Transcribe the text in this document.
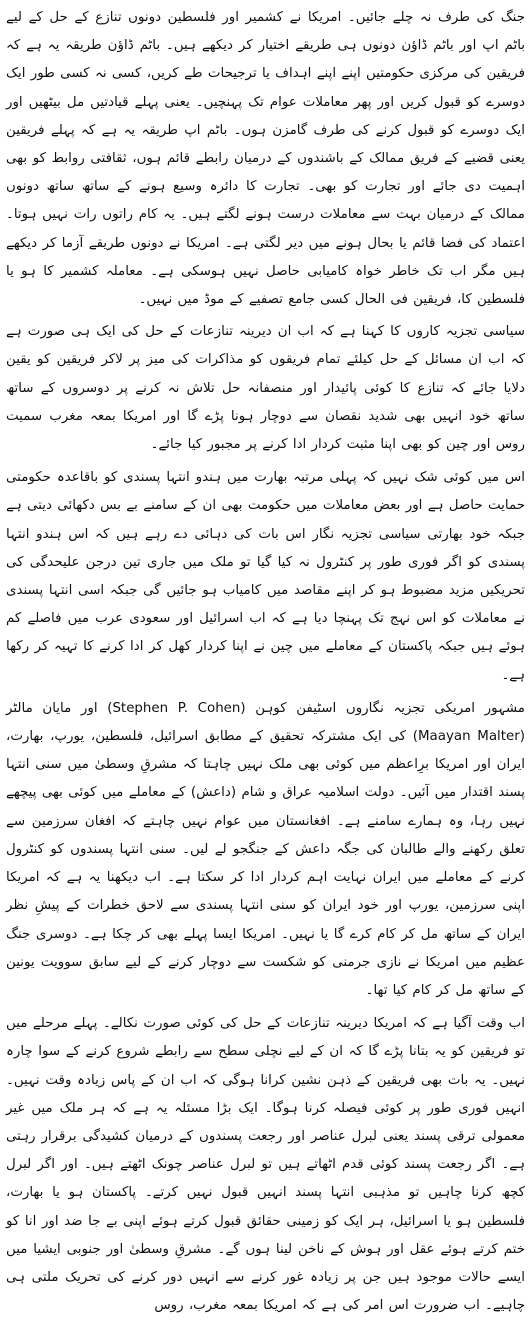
جنگ کی طرف نہ چلے جائیں۔ امریکا نے کشمیر اور فلسطین دونوں تنازع کے حل کے لیے باٹم اپ اور باٹم ڈاؤن دونوں ہی طریقے اختیار کر دیکھے ہیں۔ باٹم ڈاؤن طریقہ یہ ہے کہ فریقین کی مرکزی حکومتیں اپنے اپنے اہداف یا ترجیحات طے کریں، کسی نہ کسی طور ایک دوسرے کو قبول کریں اور پھر معاملات عوام تک پہنچیں۔ یعنی پہلے قیادتیں مل بیٹھیں اور ایک دوسرے کو قبول کرنے کی طرف گامزن ہوں۔ باٹم اپ طریقہ یہ ہے کہ پہلے فریقین یعنی قضیے کے فریق ممالک کے باشندوں کے درمیان رابطے قائم ہوں، ثقافتی روابط کو بھی اہمیت دی جائے اور تجارت کو بھی۔ تجارت کا دائرہ وسیع ہونے کے ساتھ ساتھ دونوں ممالک کے درمیان بہت سے معاملات درست ہونے لگتے ہیں۔ یہ کام راتوں رات نہیں ہوتا۔ اعتماد کی فضا قائم یا بحال ہونے میں دیر لگتی ہے۔ امریکا نے دونوں طریقے آزما کر دیکھے ہیں مگر اب تک خاطر خواہ کامیابی حاصل نہیں ہوسکی ہے۔ معاملہ کشمیر کا ہو یا فلسطین کا، فریقین فی الحال کسی جامع تصفیے کے موڈ میں نہیں۔

سیاسی تجزیہ کاروں کا کہنا ہے کہ اب ان دیرینہ تنازعات کے حل کی ایک ہی صورت ہے کہ اب ان مسائل کے حل کیلئے تمام فریقوں کو مذاکرات کی میز پر لاکر فریقین کو یقین دلایا جائے کہ تنازع کا کوئی پائیدار اور منصفانہ حل تلاش نہ کرنے پر دوسروں کے ساتھ ساتھ خود انہیں بھی شدید نقصان سے دوچار ہونا پڑے گا اور امریکا بمعہ مغرب سمیت روس اور چین کو بھی اپنا مثبت کردار ادا کرنے پر مجبور کیا جائے۔

اس میں کوئی شک نہیں کہ پہلی مرتبہ بھارت میں ہندو انتہا پسندی کو باقاعدہ حکومتی حمایت حاصل ہے اور بعض معاملات میں حکومت بھی ان کے سامنے بے بس دکھائی دیتی ہے جبکہ خود بھارتی سیاسی تجزیہ نگار اس بات کی دہائی دے رہے ہیں کہ اس ہندو انتہا پسندی کو اگر فوری طور پر کنٹرول نہ کیا گیا تو ملک میں جاری تین درجن علیحدگی کی تحریکیں مزید مضبوط ہو کر اپنے مقاصد میں کامیاب ہو جائیں گی جبکہ اسی انتہا پسندی نے معاملات کو اس نہج تک پہنچا دیا ہے کہ اب اسرائیل اور سعودی عرب میں فاصلے کم ہوئے ہیں جبکہ پاکستان کے معاملے میں چین نے اپنا کردار کھل کر ادا کرنے کا تہیہ کر رکھا ہے۔

مشہور امریکی تجزیہ نگاروں اسٹیفن کوہن (Stephen P. Cohen) اور مایان مالٹر (Maayan Malter) کی ایک مشترکہ تحقیق کے مطابق اسرائیل، فلسطین، یورپ، بھارت، ایران اور امریکا برِاعظم میں کوئی بھی ملک نہیں چاہتا کہ مشرقِ وسطیٰ میں سنی انتہا پسند اقتدار میں آئیں۔ دولت اسلامیہ عراق و شام (داعش) کے معاملے میں کوئی بھی پیچھے نہیں رہا، وہ ہمارے سامنے ہے۔ افغانستان میں عوام نہیں چاہتے کہ افغان سرزمین سے تعلق رکھنے والے طالبان کی جگہ داعش کے جنگجو لے لیں۔ سنی انتہا پسندوں کو کنٹرول کرنے کے معاملے میں ایران نہایت اہم کردار ادا کر سکتا ہے۔ اب دیکھنا یہ ہے کہ امریکا اپنی سرزمین، یورپ اور خود ایران کو سنی انتہا پسندی سے لاحق خطرات کے پیشِ نظر ایران کے ساتھ مل کر کام کرے گا یا نہیں۔ امریکا ایسا پہلے بھی کر چکا ہے۔ دوسری جنگ عظیم میں امریکا نے نازی جرمنی کو شکست سے دوچار کرنے کے لیے سابق سوویت یونین کے ساتھ مل کر کام کیا تھا۔

اب وقت آگیا ہے کہ امریکا دیرینہ تنازعات کے حل کی کوئی صورت نکالے۔ پہلے مرحلے میں تو فریقین کو یہ بتانا پڑے گا کہ ان کے لیے نچلی سطح سے رابطے شروع کرنے کے سوا چارہ نہیں۔ یہ بات بھی فریقین کے ذہن نشین کرانا ہوگی کہ اب ان کے پاس زیادہ وقت نہیں۔ انہیں فوری طور پر کوئی فیصلہ کرنا ہوگا۔ ایک بڑا مسئلہ یہ ہے کہ ہر ملک میں غیر معمولی ترقی پسند یعنی لبرل عناصر اور رجعت پسندوں کے درمیان کشیدگی برقرار رہتی ہے۔ اگر رجعت پسند کوئی قدم اٹھاتے ہیں تو لبرل عناصر چونک اٹھتے ہیں۔ اور اگر لبرل کچھ کرنا چاہیں تو مذہبی انتہا پسند انہیں قبول نہیں کرتے۔ پاکستان ہو یا بھارت، فلسطین ہو یا اسرائیل، ہر ایک کو زمینی حقائق قبول کرتے ہوئے اپنی بے جا ضد اور انا کو ختم کرتے ہوئے عقل اور ہوش کے ناخن لینا ہوں گے۔ مشرقِ وسطیٰ اور جنوبی ایشیا میں ایسے حالات موجود ہیں جن پر زیادہ غور کرنے سے انہیں دور کرنے کی تحریک ملتی ہی چاہیے۔ اب ضرورت اس امر کی ہے کہ امریکا بمعہ مغرب، روس
